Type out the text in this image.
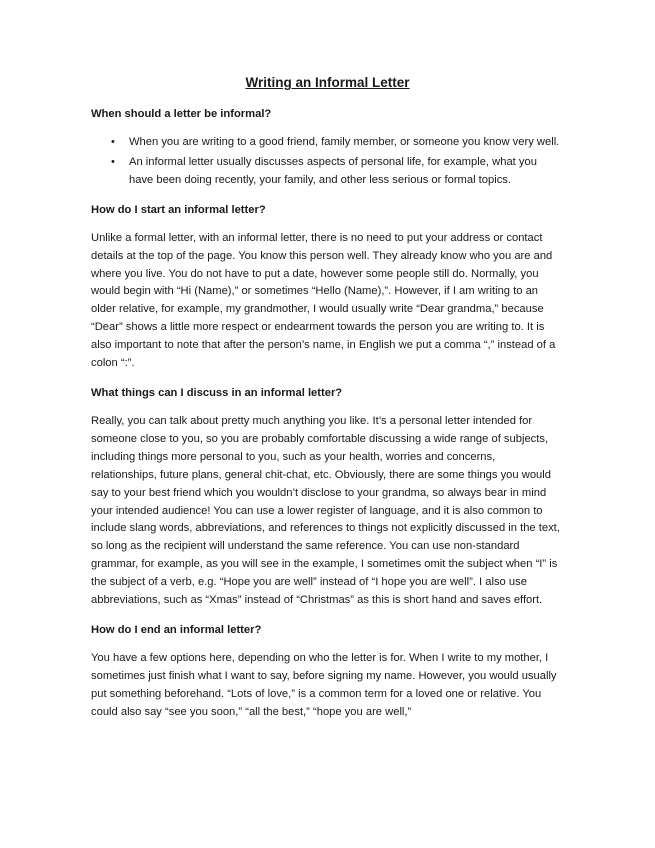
Writing an Informal Letter
When should a letter be informal?
• When you are writing to a good friend, family member, or someone you know very well.
• An informal letter usually discusses aspects of personal life, for example, what you have been doing recently, your family, and other less serious or formal topics.
How do I start an informal letter?

Unlike a formal letter, with an informal letter, there is no need to put your address or contact details at the top of the page. You know this person well. They already know who you are and where you live. You do not have to put a date, however some people still do. Normally, you would begin with “Hi (Name),” or sometimes “Hello (Name),”. However, if I am writing to an older relative, for example, my grandmother, I would usually write “Dear grandma,” because “Dear” shows a little more respect or endearment towards the person you are writing to. It is also important to note that after the person’s name, in English we put a comma “,” instead of a colon “:”.

What things can I discuss in an informal letter?

Really, you can talk about pretty much anything you like. It’s a personal letter intended for someone close to you, so you are probably comfortable discussing a wide range of subjects, including things more personal to you, such as your health, worries and concerns, relationships, future plans, general chit-chat, etc. Obviously, there are some things you would say to your best friend which you wouldn’t disclose to your grandma, so always bear in mind your intended audience! You can use a lower register of language, and it is also common to include slang words, abbreviations, and references to things not explicitly discussed in the text, so long as the recipient will understand the same reference. You can use non-standard grammar, for example, as you will see in the example, I sometimes omit the subject when “I” is the subject of a verb, e.g. “Hope you are well” instead of “I hope you are well”. I also use abbreviations, such as “Xmas” instead of “Christmas” as this is short hand and saves effort.

How do I end an informal letter?

You have a few options here, depending on who the letter is for. When I write to my mother, I sometimes just finish what I want to say, before signing my name. However, you would usually put something beforehand. “Lots of love,” is a common term for a loved one or relative. You could also say “see you soon,” “all the best,” “hope you are well,”
